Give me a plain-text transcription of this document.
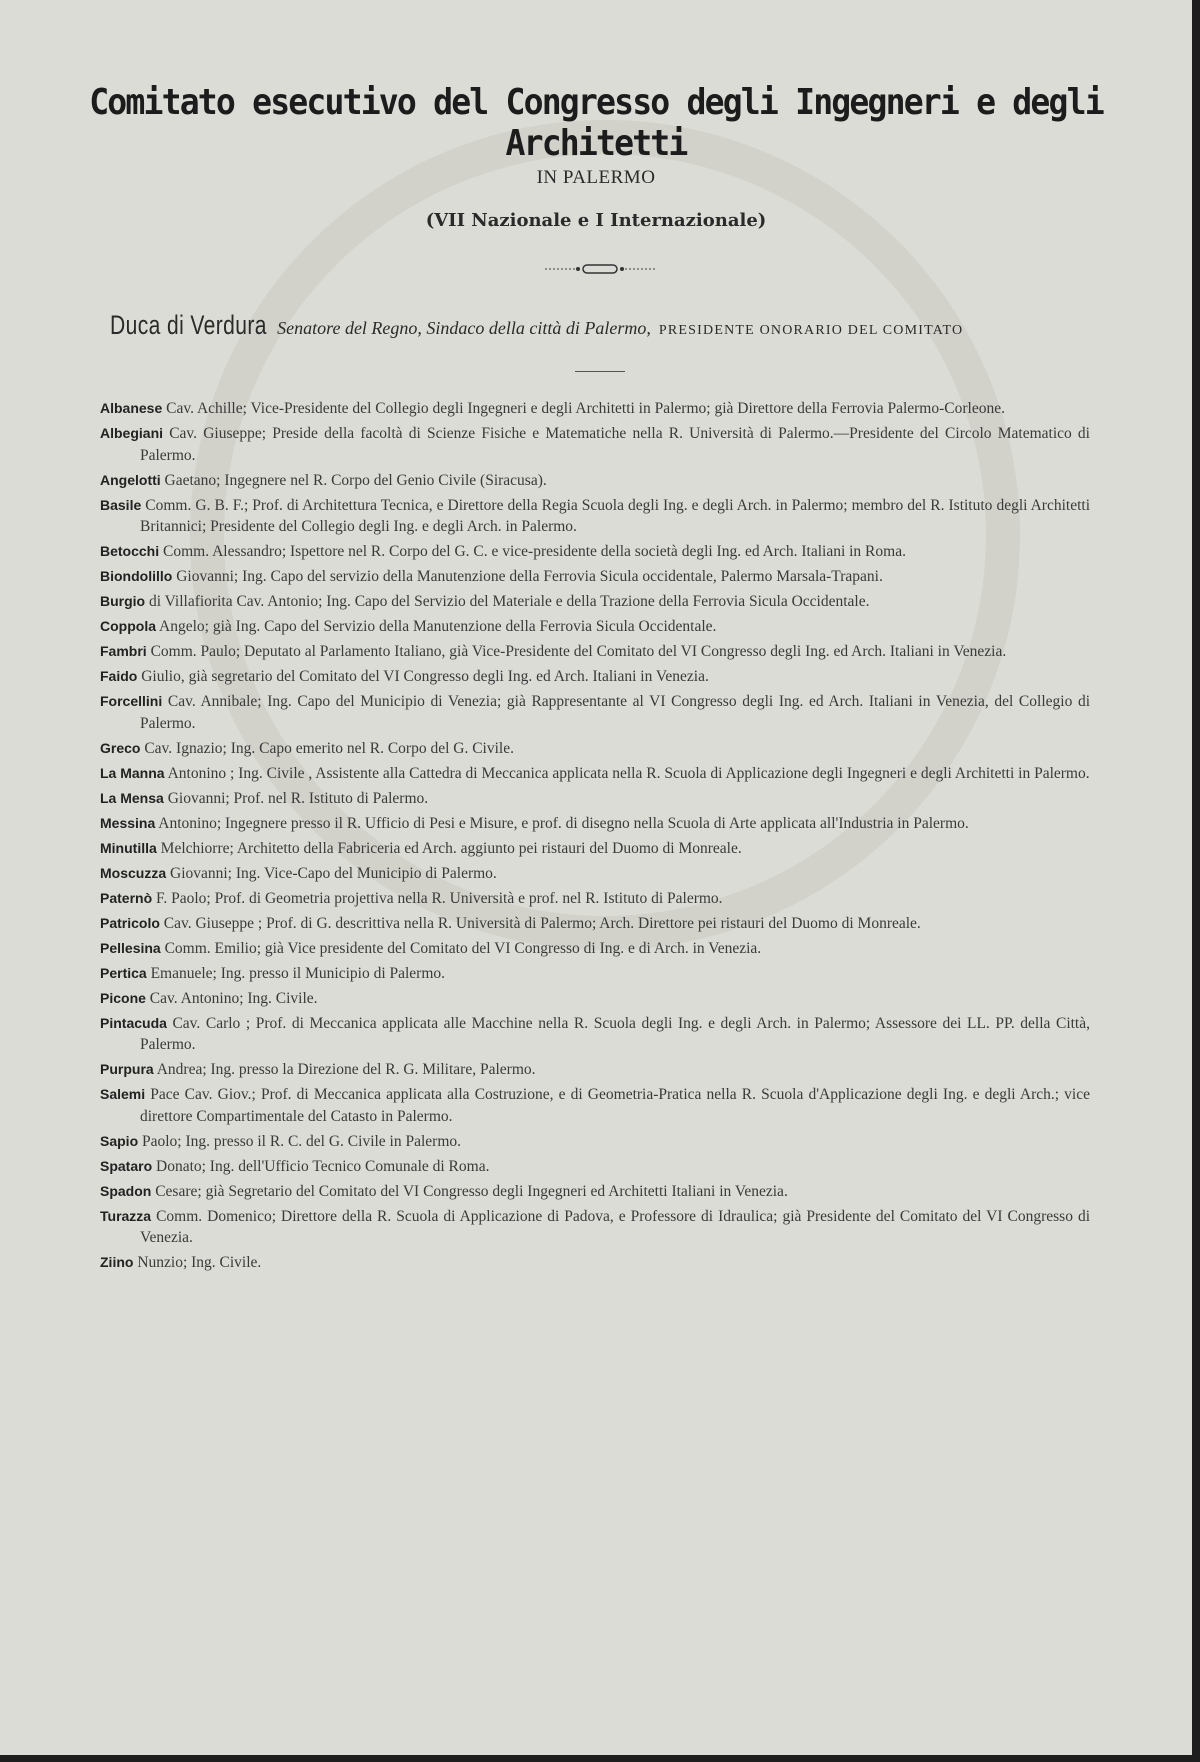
Comitato esecutivo del Congresso degli Ingegneri e degli Architetti
IN PALERMO
(VII Nazionale e I Internazionale)
Duca di Verdura Senatore del Regno, Sindaco della città di Palermo, PRESIDENTE ONORARIO DEL COMITATO
Albanese Cav. Achille; Vice-Presidente del Collegio degli Ingegneri e degli Architetti in Palermo; già Direttore della Ferrovia Palermo-Corleone.
Albegiani Cav. Giuseppe; Preside della facoltà di Scienze Fisiche e Matematiche nella R. Università di Palermo.—Presidente del Circolo Matematico di Palermo.
Angelotti Gaetano; Ingegnere nel R. Corpo del Genio Civile (Siracusa).
Basile Comm. G. B. F.; Prof. di Architettura Tecnica, e Direttore della Regia Scuola degli Ing. e degli Arch. in Palermo; membro del R. Istituto degli Architetti Britannici; Presidente del Collegio degli Ing. e degli Arch. in Palermo.
Betocchi Comm. Alessandro; Ispettore nel R. Corpo del G. C. e vice-presidente della società degli Ing. ed Arch. Italiani in Roma.
Biondolillo Giovanni; Ing. Capo del servizio della Manutenzione della Ferrovia Sicula occidentale, Palermo Marsala-Trapani.
Burgio di Villafiorita Cav. Antonio; Ing. Capo del Servizio del Materiale e della Trazione della Ferrovia Sicula Occidentale.
Coppola Angelo; già Ing. Capo del Servizio della Manutenzione della Ferrovia Sicula Occidentale.
Fambri Comm. Paulo; Deputato al Parlamento Italiano, già Vice-Presidente del Comitato del VI Congresso degli Ing. ed Arch. Italiani in Venezia.
Faido Giulio, già segretario del Comitato del VI Congresso degli Ing. ed Arch. Italiani in Venezia.
Forcellini Cav. Annibale; Ing. Capo del Municipio di Venezia; già Rappresentante al VI Congresso degli Ing. ed Arch. Italiani in Venezia, del Collegio di Palermo.
Greco Cav. Ignazio; Ing. Capo emerito nel R. Corpo del G. Civile.
La Manna Antonino ; Ing. Civile , Assistente alla Cattedra di Meccanica applicata nella R. Scuola di Applicazione degli Ingegneri e degli Architetti in Palermo.
La Mensa Giovanni; Prof. nel R. Istituto di Palermo.
Messina Antonino; Ingegnere presso il R. Ufficio di Pesi e Misure, e prof. di disegno nella Scuola di Arte applicata all'Industria in Palermo.
Minutilla Melchiorre; Architetto della Fabriceria ed Arch. aggiunto pei ristauri del Duomo di Monreale.
Moscuzza Giovanni; Ing. Vice-Capo del Municipio di Palermo.
Paternò F. Paolo; Prof. di Geometria projettiva nella R. Università e prof. nel R. Istituto di Palermo.
Patricolo Cav. Giuseppe ; Prof. di G. descrittiva nella R. Università di Palermo; Arch. Direttore pei ristauri del Duomo di Monreale.
Pellesina Comm. Emilio; già Vice presidente del Comitato del VI Congresso di Ing. e di Arch. in Venezia.
Pertica Emanuele; Ing. presso il Municipio di Palermo.
Picone Cav. Antonino; Ing. Civile.
Pintacuda Cav. Carlo ; Prof. di Meccanica applicata alle Macchine nella R. Scuola degli Ing. e degli Arch. in Palermo; Assessore dei LL. PP. della Città, Palermo.
Purpura Andrea; Ing. presso la Direzione del R. G. Militare, Palermo.
Salemi Pace Cav. Giov.; Prof. di Meccanica applicata alla Costruzione, e di Geometria-Pratica nella R. Scuola d'Applicazione degli Ing. e degli Arch.; vice direttore Compartimentale del Catasto in Palermo.
Sapio Paolo; Ing. presso il R. C. del G. Civile in Palermo.
Spataro Donato; Ing. dell'Ufficio Tecnico Comunale di Roma.
Spadon Cesare; già Segretario del Comitato del VI Congresso degli Ingegneri ed Architetti Italiani in Venezia.
Turazza Comm. Domenico; Direttore della R. Scuola di Applicazione di Padova, e Professore di Idraulica; già Presidente del Comitato del VI Congresso di Venezia.
Ziino Nunzio; Ing. Civile.
